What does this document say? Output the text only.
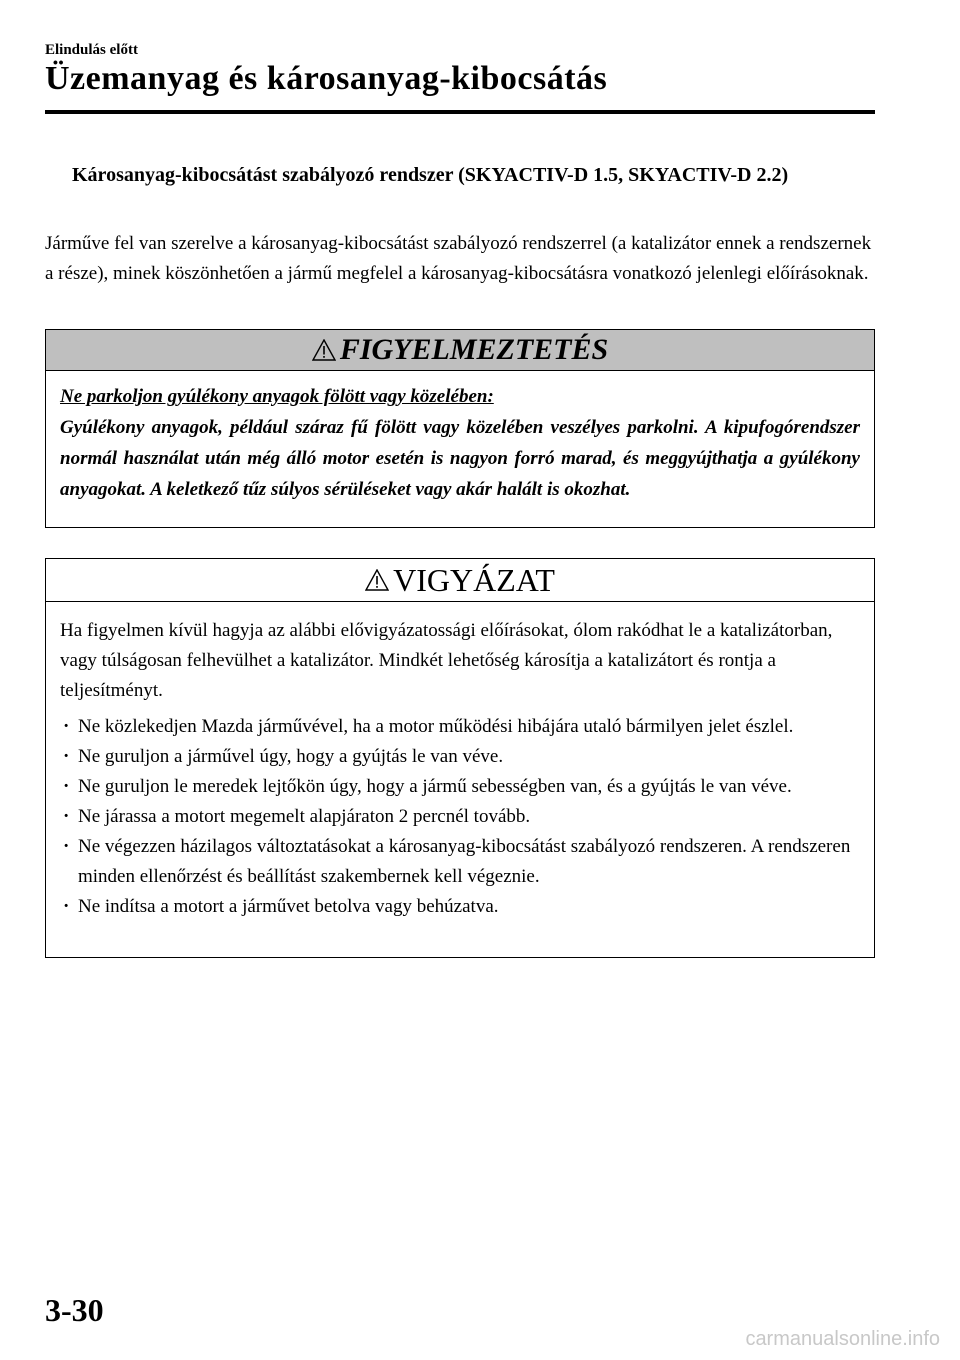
Elindulás előtt
Üzemanyag és károsanyag-kibocsátás
Károsanyag-kibocsátást szabályozó rendszer (SKYACTIV-D 1.5, SKYACTIV-D 2.2)
Járműve fel van szerelve a károsanyag-kibocsátást szabályozó rendszerrel (a katalizátor ennek a rendszernek a része), minek köszönhetően a jármű megfelel a károsanyag-kibocsátásra vonatkozó jelenlegi előírásoknak.
FIGYELMEZTETÉS
Ne parkoljon gyúlékony anyagok fölött vagy közelében:
Gyúlékony anyagok, például száraz fű fölött vagy közelében veszélyes parkolni. A kipufogórendszer normál használat után még álló motor esetén is nagyon forró marad, és meggyújthatja a gyúlékony anyagokat. A keletkező tűz súlyos sérüléseket vagy akár halált is okozhat.
VIGYÁZAT
Ha figyelmen kívül hagyja az alábbi elővigyázatossági előírásokat, ólom rakódhat le a katalizátorban, vagy túlságosan felhevülhet a katalizátor. Mindkét lehetőség károsítja a katalizátort és rontja a teljesítményt.
· Ne közlekedjen Mazda járművével, ha a motor működési hibájára utaló bármilyen jelet észlel.
· Ne guruljon a járművel úgy, hogy a gyújtás le van véve.
· Ne guruljon le meredek lejtőkön úgy, hogy a jármű sebességben van, és a gyújtás le van véve.
· Ne járassa a motort megemelt alapjáraton 2 percnél tovább.
· Ne végezzen házilagos változtatásokat a károsanyag-kibocsátást szabályozó rendszeren. A rendszeren minden ellenőrzést és beállítást szakembernek kell végeznie.
· Ne indítsa a motort a járművet betolva vagy behúzatva.
3-30
carmanualsonline.info
